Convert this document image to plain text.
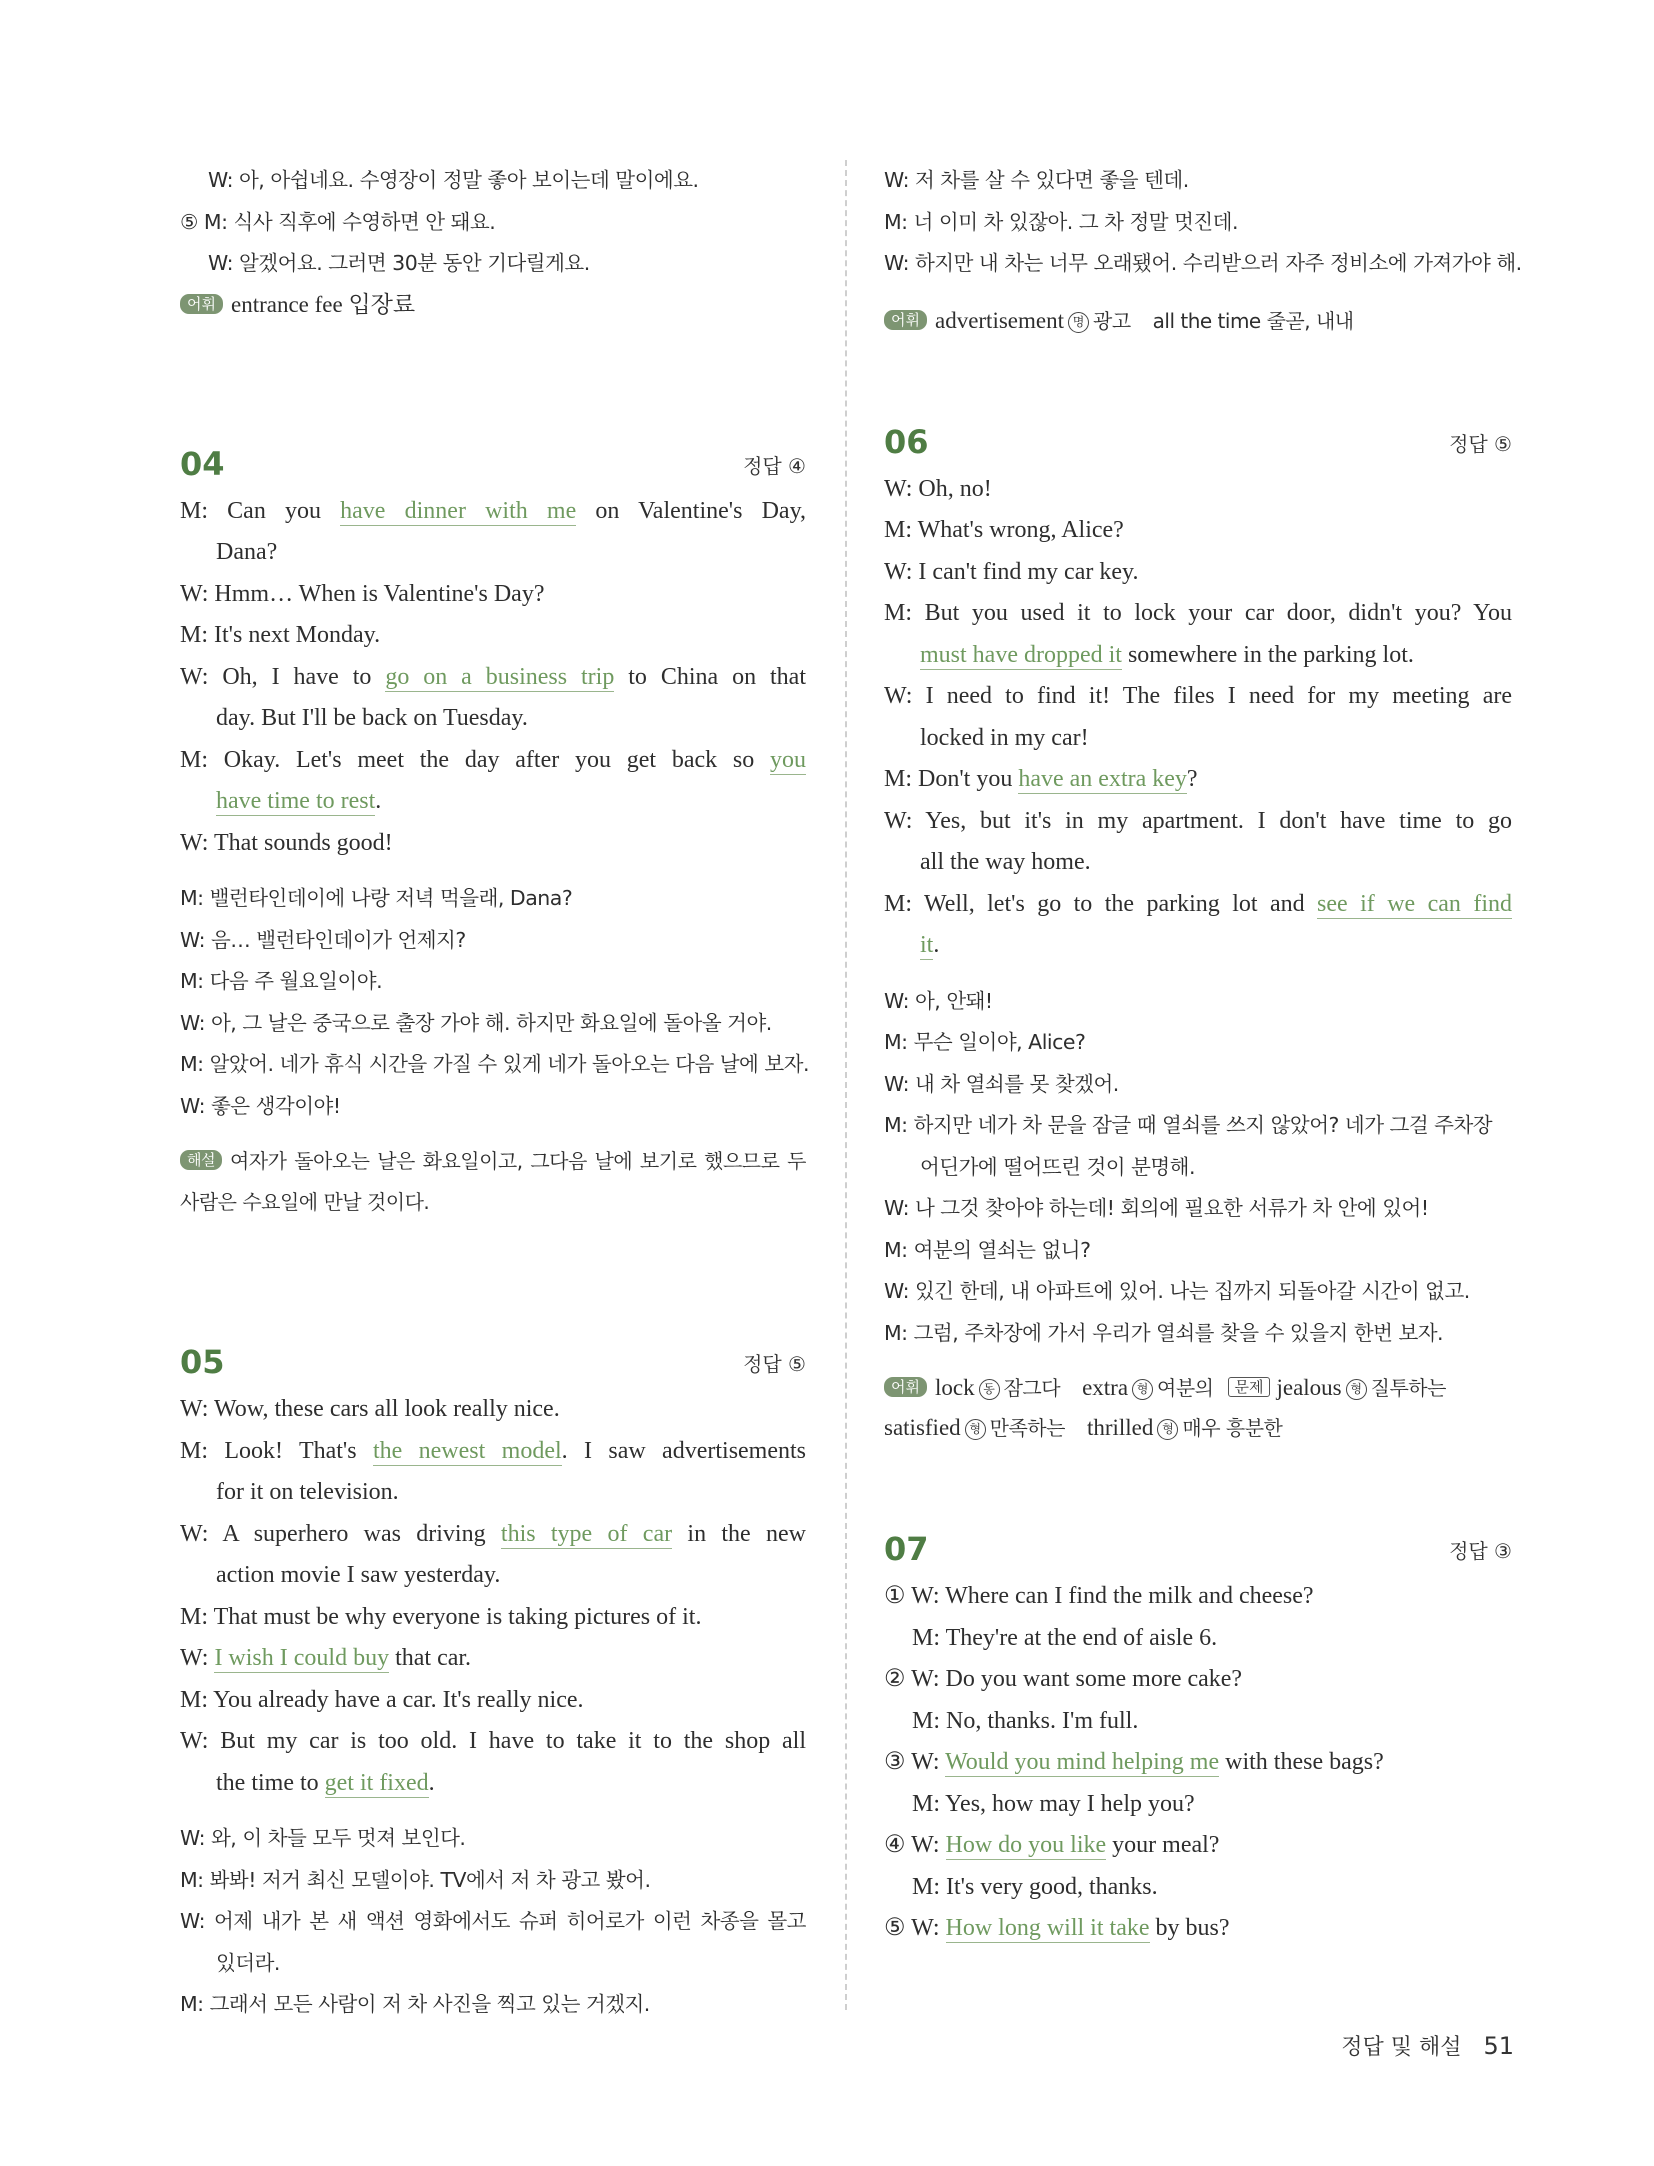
W: 아, 아쉽네요. 수영장이 정말 좋아 보이는데 말이에요.
⑤ M: 식사 직후에 수영하면 안 돼요.
W: 알겠어요. 그러면 30분 동안 기다릴게요.
어휘 entrance fee 입장료
04	정답 ④
M: Can you have dinner with me on Valentine's Day,
Dana?
W: Hmm… When is Valentine's Day?
M: It's next Monday.
W: Oh, I have to go on a business trip to China on that
day. But I'll be back on Tuesday.
M: Okay. Let's meet the day after you get back so you
have time to rest.
W: That sounds good!
M: 밸런타인데이에 나랑 저녁 먹을래, Dana?
W: 음… 밸런타인데이가 언제지?
M: 다음 주 월요일이야.
W: 아, 그 날은 중국으로 출장 가야 해. 하지만 화요일에 돌아올 거야.
M: 알았어. 네가 휴식 시간을 가질 수 있게 네가 돌아오는 다음 날에 보자.
W: 좋은 생각이야!
해설 여자가 돌아오는 날은 화요일이고, 그다음 날에 보기로 했으므로 두
사람은 수요일에 만날 것이다.
05	정답 ⑤
W: Wow, these cars all look really nice.
M: Look! That's the newest model. I saw advertisements
for it on television.
W: A superhero was driving this type of car in the new
action movie I saw yesterday.
M: That must be why everyone is taking pictures of it.
W: I wish I could buy that car.
M: You already have a car. It's really nice.
W: But my car is too old. I have to take it to the shop all
the time to get it fixed.
W: 와, 이 차들 모두 멋져 보인다.
M: 봐봐! 저거 최신 모델이야. TV에서 저 차 광고 봤어.
W: 어제 내가 본 새 액션 영화에서도 슈퍼 히어로가 이런 차종을 몰고
있더라.
M: 그래서 모든 사람이 저 차 사진을 찍고 있는 거겠지.
W: 저 차를 살 수 있다면 좋을 텐데.
M: 너 이미 차 있잖아. 그 차 정말 멋진데.
W: 하지만 내 차는 너무 오래됐어. 수리받으러 자주 정비소에 가져가야 해.
어휘 advertisement 명 광고 all the time 줄곧, 내내
06	정답 ⑤
W: Oh, no!
M: What's wrong, Alice?
W: I can't find my car key.
M: But you used it to lock your car door, didn't you? You
must have dropped it somewhere in the parking lot.
W: I need to find it! The files I need for my meeting are
locked in my car!
M: Don't you have an extra key?
W: Yes, but it's in my apartment. I don't have time to go
all the way home.
M: Well, let's go to the parking lot and see if we can find
it.
W: 아, 안돼!
M: 무슨 일이야, Alice?
W: 내 차 열쇠를 못 찾겠어.
M: 하지만 네가 차 문을 잠글 때 열쇠를 쓰지 않았어? 네가 그걸 주차장
어딘가에 떨어뜨린 것이 분명해.
W: 나 그것 찾아야 하는데! 회의에 필요한 서류가 차 안에 있어!
M: 여분의 열쇠는 없니?
W: 있긴 한데, 내 아파트에 있어. 나는 집까지 되돌아갈 시간이 없고.
M: 그럼, 주차장에 가서 우리가 열쇠를 찾을 수 있을지 한번 보자.
어휘 lock 동 잠그다 extra 형 여분의 문제 jealous 형 질투하는
satisfied 형 만족하는 thrilled 형 매우 흥분한
07	정답 ③
① W: Where can I find the milk and cheese?
M: They're at the end of aisle 6.
② W: Do you want some more cake?
M: No, thanks. I'm full.
③ W: Would you mind helping me with these bags?
M: Yes, how may I help you?
④ W: How do you like your meal?
M: It's very good, thanks.
⑤ W: How long will it take by bus?
정답 및 해설 51
